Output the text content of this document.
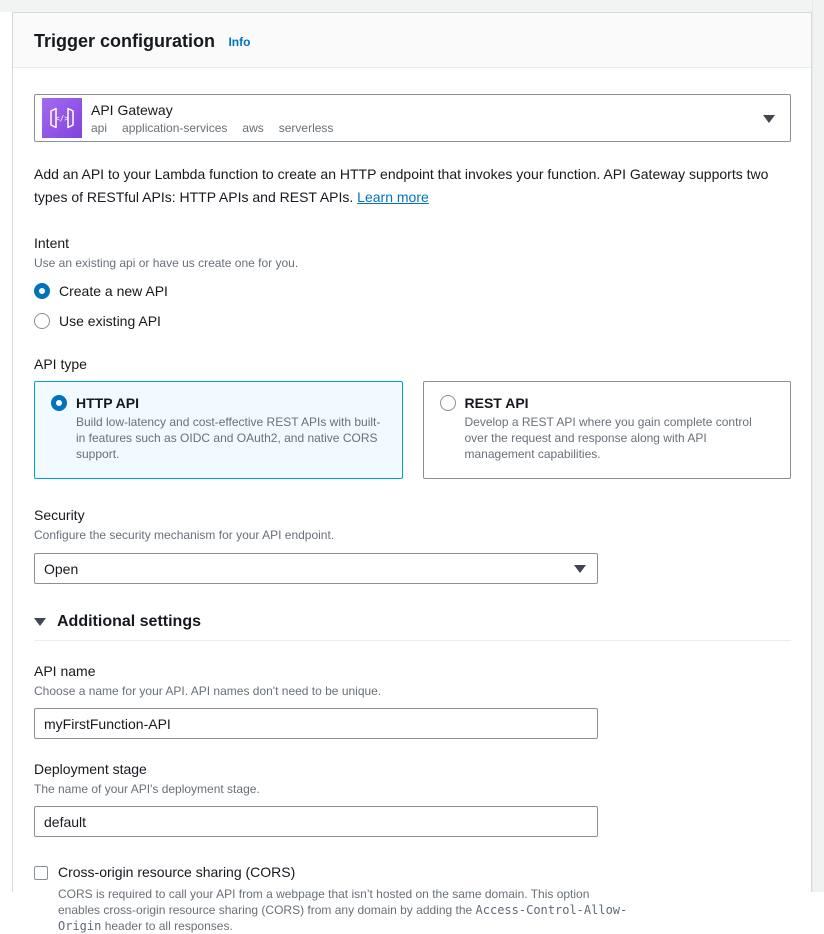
Trigger configuration Info
</>
API Gateway
api application-services aws serverless

Add an API to your Lambda function to create an HTTP endpoint that invokes your function. API Gateway supports two types of RESTful APIs: HTTP APIs and REST APIs. Learn more

Intent
Use an existing api or have us create one for you.
Create a new API
Use existing API
API type
HTTP API
Build low-latency and cost-effective REST APIs with built-in features such as OIDC and OAuth2, and native CORS support.
REST API
Develop a REST API where you gain complete control over the request and response along with API management capabilities.
Security
Configure the security mechanism for your API endpoint.
Open
Additional settings
API name
Choose a name for your API. API names don't need to be unique.
myFirstFunction-API
Deployment stage
The name of your API's deployment stage.
default
Cross-origin resource sharing (CORS)
CORS is required to call your API from a webpage that isn’t hosted on the same domain. This option enables cross-origin resource sharing (CORS) from any domain by adding the Access-Control-Allow-Origin header to all responses.
